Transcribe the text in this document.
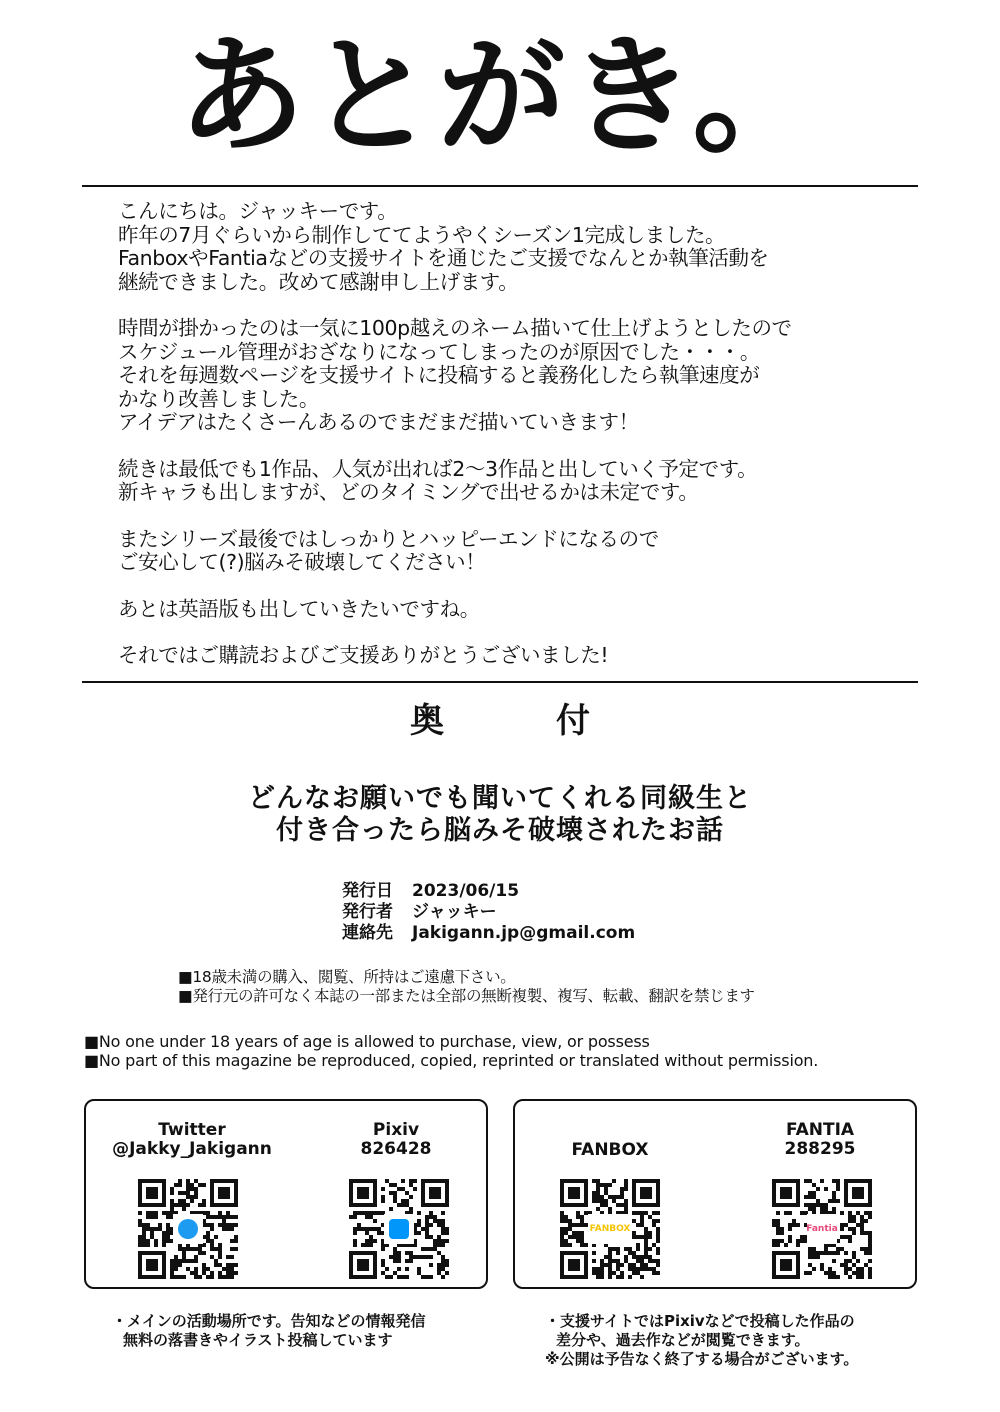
あとがき。

こんにちは。ジャッキーです。
昨年の7月ぐらいから制作しててようやくシーズン1完成しました。
FanboxやFantiaなどの支援サイトを通じたご支援でなんとか執筆活動を
継続できました。改めて感謝申し上げます。

時間が掛かったのは一気に100p越えのネーム描いて仕上げようとしたので
スケジュール管理がおざなりになってしまったのが原因でした・・・。
それを毎週数ページを支援サイトに投稿すると義務化したら執筆速度が
かなり改善しました。
アイデアはたくさーんあるのでまだまだ描いていきます！

続きは最低でも1作品、人気が出れば2～3作品と出していく予定です。
新キャラも出しますが、どのタイミングで出せるかは未定です。

またシリーズ最後ではしっかりとハッピーエンドになるので
ご安心して(?)脳みそ破壊してください！

あとは英語版も出していきたいですね。

それではご購読およびご支援ありがとうございました!

奥	付
どんなお願いでも聞いてくれる同級生と
付き合ったら脳みそ破壊されたお話
発行日	2023/06/15
発行者	ジャッキー
連絡先	Jakigann.jp@gmail.com
■18歳未満の購入、閲覧、所持はご遠慮下さい。
■発行元の許可なく本誌の一部または全部の無断複製、複写、転載、翻訳を禁じます
■No one under 18 years of age is allowed to purchase, view, or possess
■No part of this magazine be reproduced, copied, reprinted or translated without permission.
Twitter
@Jakky_Jakigann
Pixiv
826428	FANBOX
FANTIA
288295
FANBOX	Fantia
・メインの活動場所です。告知などの情報発信
無料の落書きやイラスト投稿しています
・支援サイトではPixivなどで投稿した作品の
差分や、過去作などが閲覧できます。
※公開は予告なく終了する場合がございます。
